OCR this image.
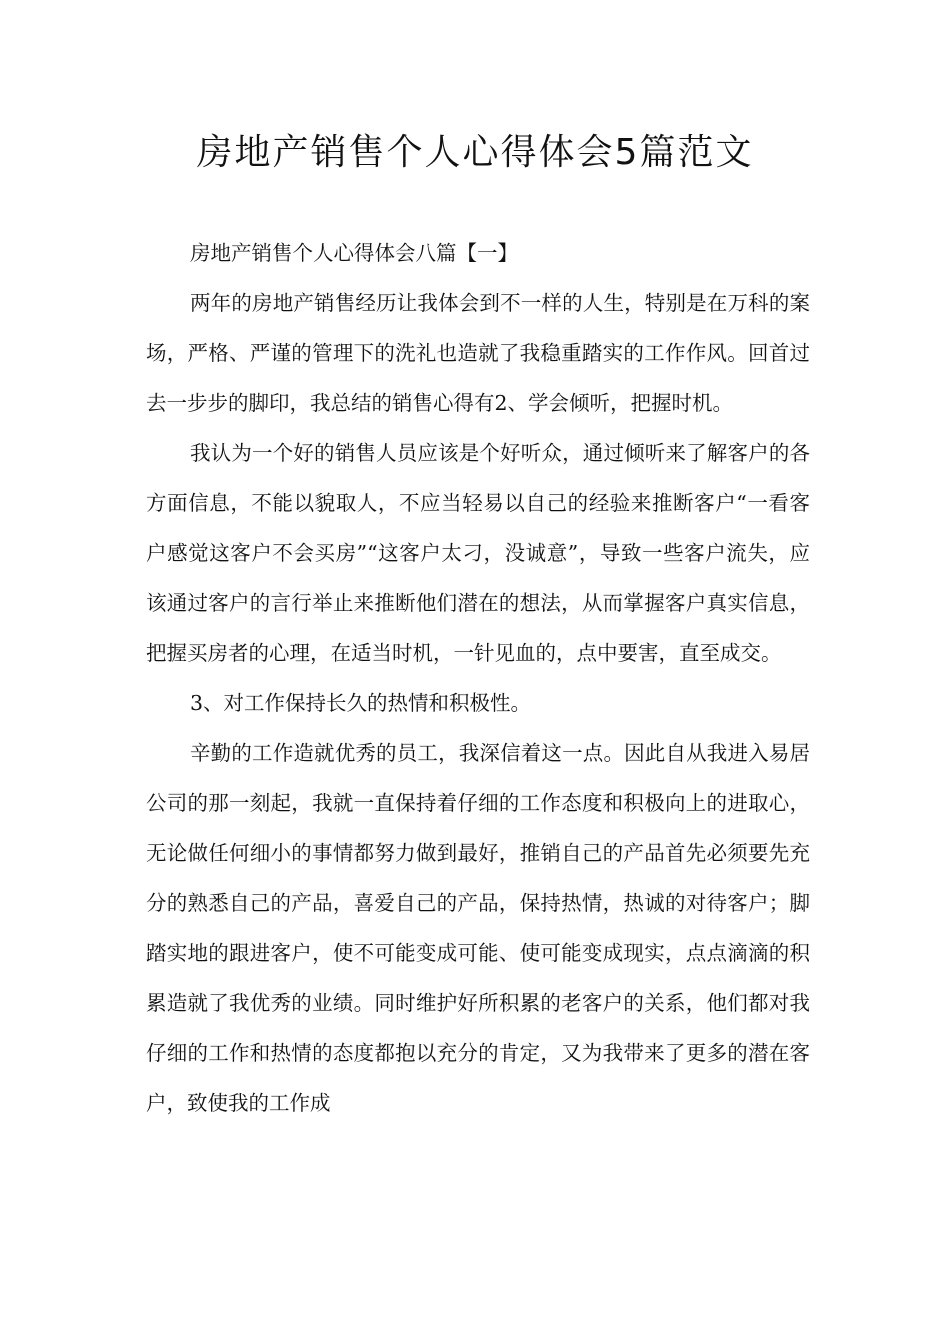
房地产销售个人心得体会5篇范文

房地产销售个人心得体会八篇【一】

两年的房地产销售经历让我体会到不一样的人生，特别是在万科的案场，严格、严谨的管理下的洗礼也造就了我稳重踏实的工作作风。回首过去一步步的脚印，我总结的销售心得有2、学会倾听，把握时机。

我认为一个好的销售人员应该是个好听众，通过倾听来了解客户的各方面信息，不能以貌取人，不应当轻易以自己的经验来推断客户“一看客户感觉这客户不会买房”“这客户太刁，没诚意”，导致一些客户流失，应该通过客户的言行举止来推断他们潜在的想法，从而掌握客户真实信息，把握买房者的心理，在适当时机，一针见血的，点中要害，直至成交。

3、对工作保持长久的热情和积极性。

辛勤的工作造就优秀的员工，我深信着这一点。因此自从我进入易居公司的那一刻起，我就一直保持着仔细的工作态度和积极向上的进取心，无论做任何细小的事情都努力做到最好，推销自己的产品首先必须要先充分的熟悉自己的产品，喜爱自己的产品，保持热情，热诚的对待客户；脚踏实地的跟进客户，使不可能变成可能、使可能变成现实，点点滴滴的积累造就了我优秀的业绩。同时维护好所积累的老客户的关系，他们都对我仔细的工作和热情的态度都抱以充分的肯定，又为我带来了更多的潜在客户，致使我的工作成
